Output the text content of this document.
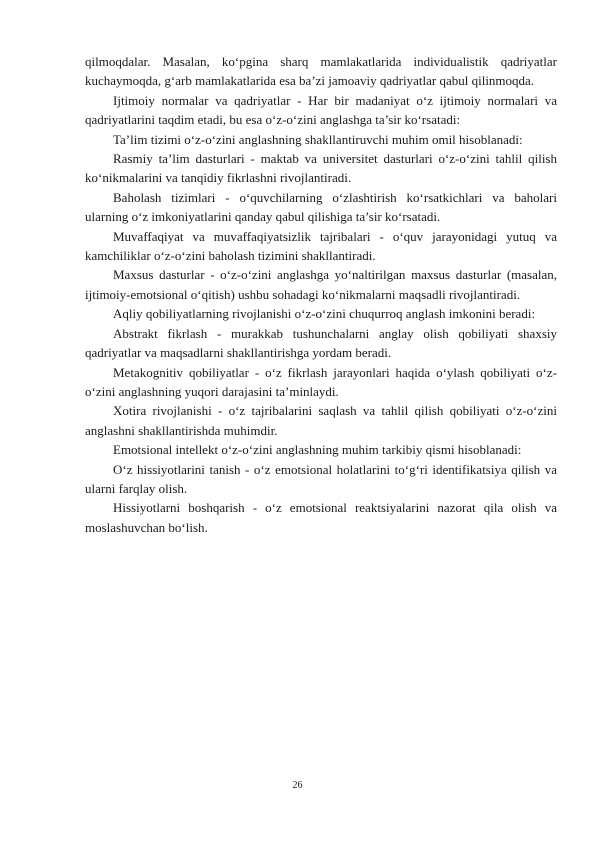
qilmoqdalar. Masalan, ko‘pgina sharq mamlakatlarida individualistik qadriyatlar kuchaymoqda, g‘arb mamlakatlarida esa ba’zi jamoaviy qadriyatlar qabul qilinmoqda.

Ijtimoiy normalar va qadriyatlar - Har bir madaniyat o‘z ijtimoiy normalari va qadriyatlarini taqdim etadi, bu esa o‘z-o‘zini anglashga ta’sir ko‘rsatadi:

Ta’lim tizimi o‘z-o‘zini anglashning shakllantiruvchi muhim omil hisoblanadi:

Rasmiy ta’lim dasturlari - maktab va universitet dasturlari o‘z-o‘zini tahlil qilish ko‘nikmalarini va tanqidiy fikrlashni rivojlantiradi.

Baholash tizimlari - o‘quvchilarning o‘zlashtirish ko‘rsatkichlari va baholari ularning o‘z imkoniyatlarini qanday qabul qilishiga ta’sir ko‘rsatadi.

Muvaffaqiyat va muvaffaqiyatsizlik tajribalari - o‘quv jarayonidagi yutuq va kamchiliklar o‘z-o‘zini baholash tizimini shakllantiradi.

Maxsus dasturlar - o‘z-o‘zini anglashga yo‘naltirilgan maxsus dasturlar (masalan, ijtimoiy-emotsional o‘qitish) ushbu sohadagi ko‘nikmalarni maqsadli rivojlantiradi.

Aqliy qobiliyatlarning rivojlanishi o‘z-o‘zini chuqurroq anglash imkonini beradi:

Abstrakt fikrlash - murakkab tushunchalarni anglay olish qobiliyati shaxsiy qadriyatlar va maqsadlarni shakllantirishga yordam beradi.

Metakognitiv qobiliyatlar - o‘z fikrlash jarayonlari haqida o‘ylash qobiliyati o‘z-o‘zini anglashning yuqori darajasini ta’minlaydi.

Xotira rivojlanishi - o‘z tajribalarini saqlash va tahlil qilish qobiliyati o‘z-o‘zini anglashni shakllantirishda muhimdir.

Emotsional intellekt o‘z-o‘zini anglashning muhim tarkibiy qismi hisoblanadi:

O‘z hissiyotlarini tanish - o‘z emotsional holatlarini to‘g‘ri identifikatsiya qilish va ularni farqlay olish.

Hissiyotlarni boshqarish - o‘z emotsional reaktsiyalarini nazorat qila olish va moslashuvchan bo‘lish.

26
